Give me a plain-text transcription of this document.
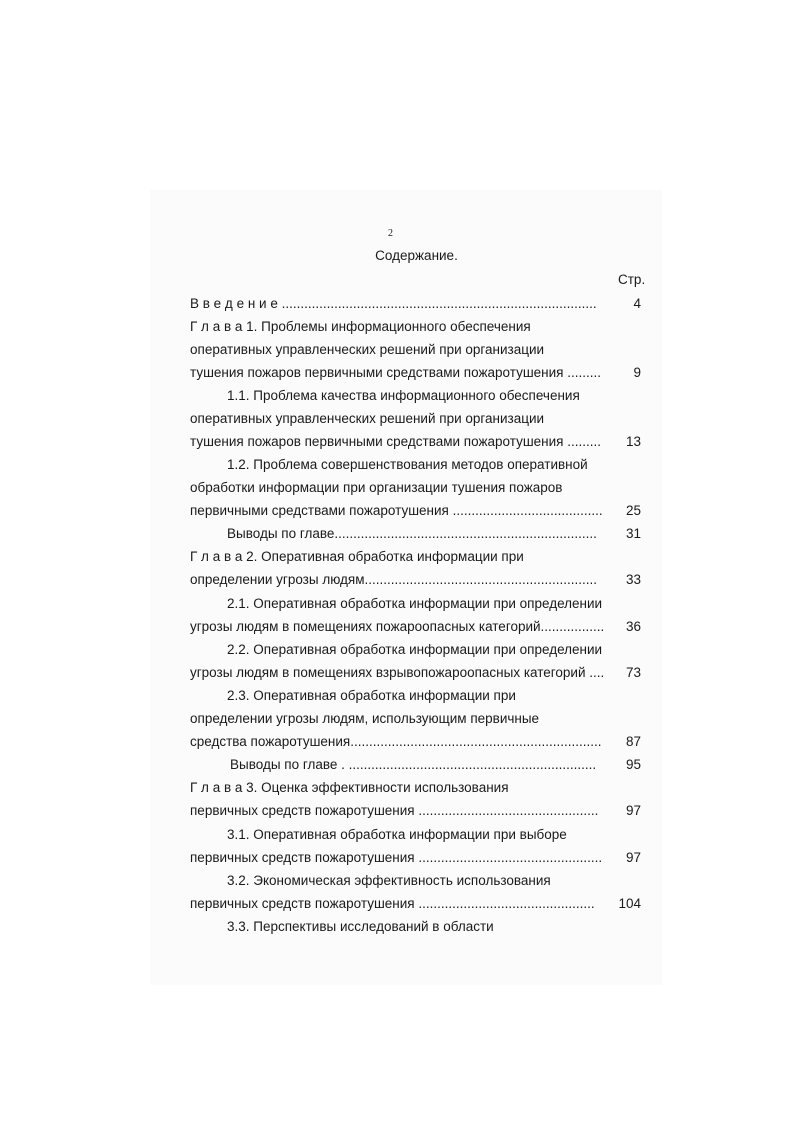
2
Содержание.
Стр.
В в е д е н и е ....................................................................................	4
Г л а в а 1. Проблемы информационного обеспечения
оперативных управленческих решений при организации
тушения пожаров первичными средствами пожаротушения .........	9
1.1. Проблема качества информационного обеспечения
оперативных управленческих решений при организации
тушения пожаров первичными средствами пожаротушения .........	13
1.2. Проблема совершенствования методов оперативной
обработки информации при организации тушения пожаров
первичными средствами пожаротушения ........................................	25
Выводы по главе......................................................................	31
Г л а в а 2. Оперативная обработка информации при
определении угрозы людям..............................................................	33
2.1. Оперативная обработка информации при определении
угрозы людям в помещениях пожароопасных категорий.................	36
2.2. Оперативная обработка информации при определении
угрозы людям в помещениях взрывопожароопасных категорий ....	73
2.3. Оперативная обработка информации при
определении угрозы людям, использующим первичные
средства пожаротушения...................................................................	87
Выводы по главе . ..................................................................	95
Г л а в а 3. Оценка эффективности использования
первичных средств пожаротушения ................................................	97
3.1. Оперативная обработка информации при выборе
первичных средств пожаротушения .................................................	97
3.2. Экономическая эффективность использования
первичных средств пожаротушения ...............................................	104
3.3. Перспективы исследований в области
